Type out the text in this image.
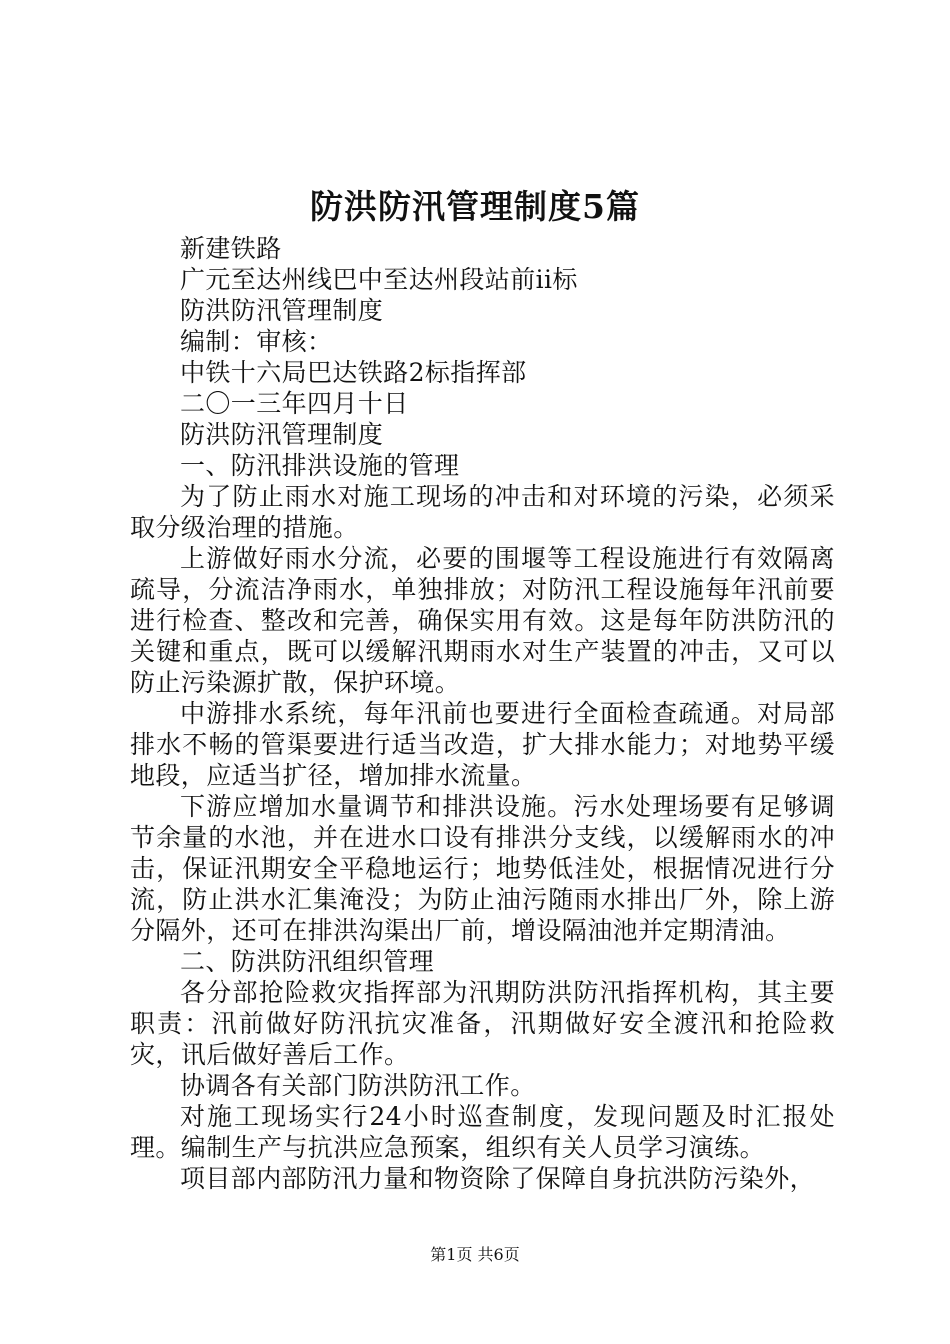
防洪防汛管理制度5篇

新建铁路

广元至达州线巴中至达州段站前ii标

防洪防汛管理制度

编制：审核：

中铁十六局巴达铁路2标指挥部

二〇一三年四月十日

防洪防汛管理制度

一、防汛排洪设施的管理

为了防止雨水对施工现场的冲击和对环境的污染，必须采取分级治理的措施。

上游做好雨水分流，必要的围堰等工程设施进行有效隔离疏导，分流洁净雨水，单独排放；对防汛工程设施每年汛前要进行检查、整改和完善，确保实用有效。这是每年防洪防汛的关键和重点，既可以缓解汛期雨水对生产装置的冲击，又可以防止污染源扩散，保护环境。

中游排水系统，每年汛前也要进行全面检查疏通。对局部排水不畅的管渠要进行适当改造，扩大排水能力；对地势平缓地段，应适当扩径，增加排水流量。

下游应增加水量调节和排洪设施。污水处理场要有足够调节余量的水池，并在进水口设有排洪分支线，以缓解雨水的冲击，保证汛期安全平稳地运行；地势低洼处，根据情况进行分流，防止洪水汇集淹没；为防止油污随雨水排出厂外，除上游分隔外，还可在排洪沟渠出厂前，增设隔油池并定期清油。

二、防洪防汛组织管理

各分部抢险救灾指挥部为汛期防洪防汛指挥机构，其主要职责：汛前做好防汛抗灾准备，汛期做好安全渡汛和抢险救灾，讯后做好善后工作。

协调各有关部门防洪防汛工作。

对施工现场实行24小时巡查制度，发现问题及时汇报处理。编制生产与抗洪应急预案，组织有关人员学习演练。

项目部内部防汛力量和物资除了保障自身抗洪防污染外，

第1页 共6页
